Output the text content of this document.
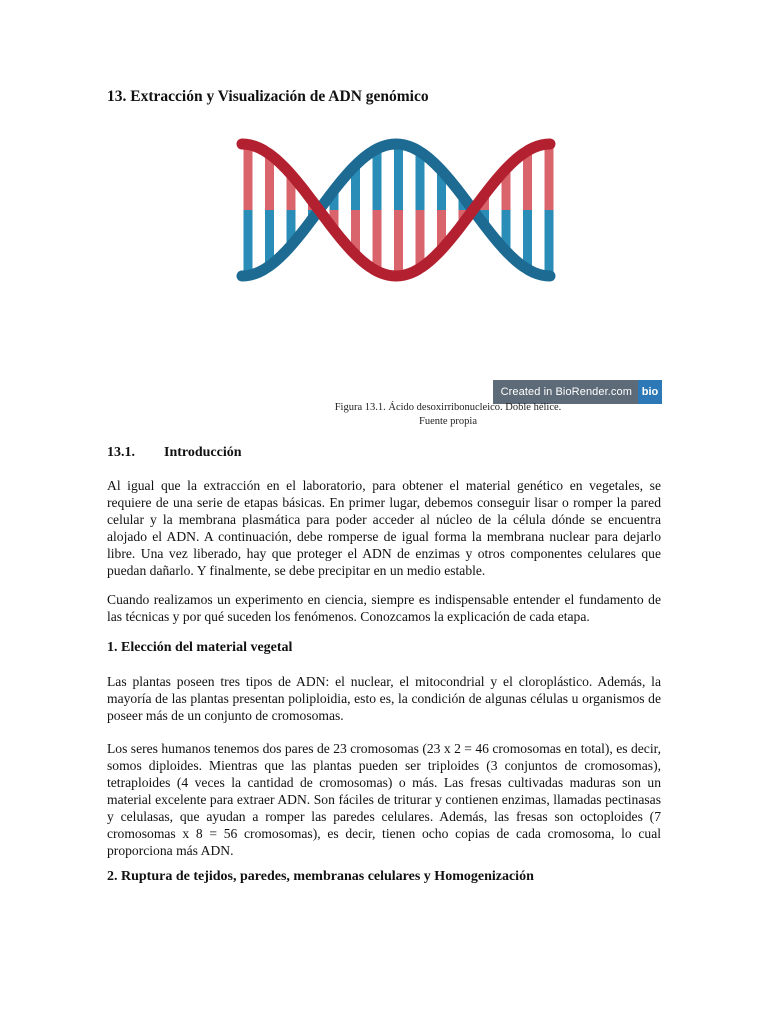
13. Extracción y Visualización de ADN genómico
Created in BioRender.com bio
Figura 13.1. Ácido desoxirribonucleico. Doble hélice.
Fuente propia
13.1. Introducción

Al igual que la extracción en el laboratorio, para obtener el material genético en vegetales, se requiere de una serie de etapas básicas. En primer lugar, debemos conseguir lisar o romper la pared celular y la membrana plasmática para poder acceder al núcleo de la célula dónde se encuentra alojado el ADN. A continuación, debe romperse de igual forma la membrana nuclear para dejarlo libre. Una vez liberado, hay que proteger el ADN de enzimas y otros componentes celulares que puedan dañarlo. Y finalmente, se debe precipitar en un medio estable.

Cuando realizamos un experimento en ciencia, siempre es indispensable entender el fundamento de las técnicas y por qué suceden los fenómenos. Conozcamos la explicación de cada etapa.

1. Elección del material vegetal

Las plantas poseen tres tipos de ADN: el nuclear, el mitocondrial y el cloroplástico. Además, la mayoría de las plantas presentan poliploidia, esto es, la condición de algunas células u organismos de poseer más de un conjunto de cromosomas.

Los seres humanos tenemos dos pares de 23 cromosomas (23 x 2 = 46 cromosomas en total), es decir, somos diploides. Mientras que las plantas pueden ser triploides (3 conjuntos de cromosomas), tetraploides (4 veces la cantidad de cromosomas) o más. Las fresas cultivadas maduras son un material excelente para extraer ADN. Son fáciles de triturar y contienen enzimas, llamadas pectinasas y celulasas, que ayudan a romper las paredes celulares. Además, las fresas son octoploides (7 cromosomas x 8 = 56 cromosomas), es decir, tienen ocho copias de cada cromosoma, lo cual proporciona más ADN.

2. Ruptura de tejidos, paredes, membranas celulares y Homogenización
